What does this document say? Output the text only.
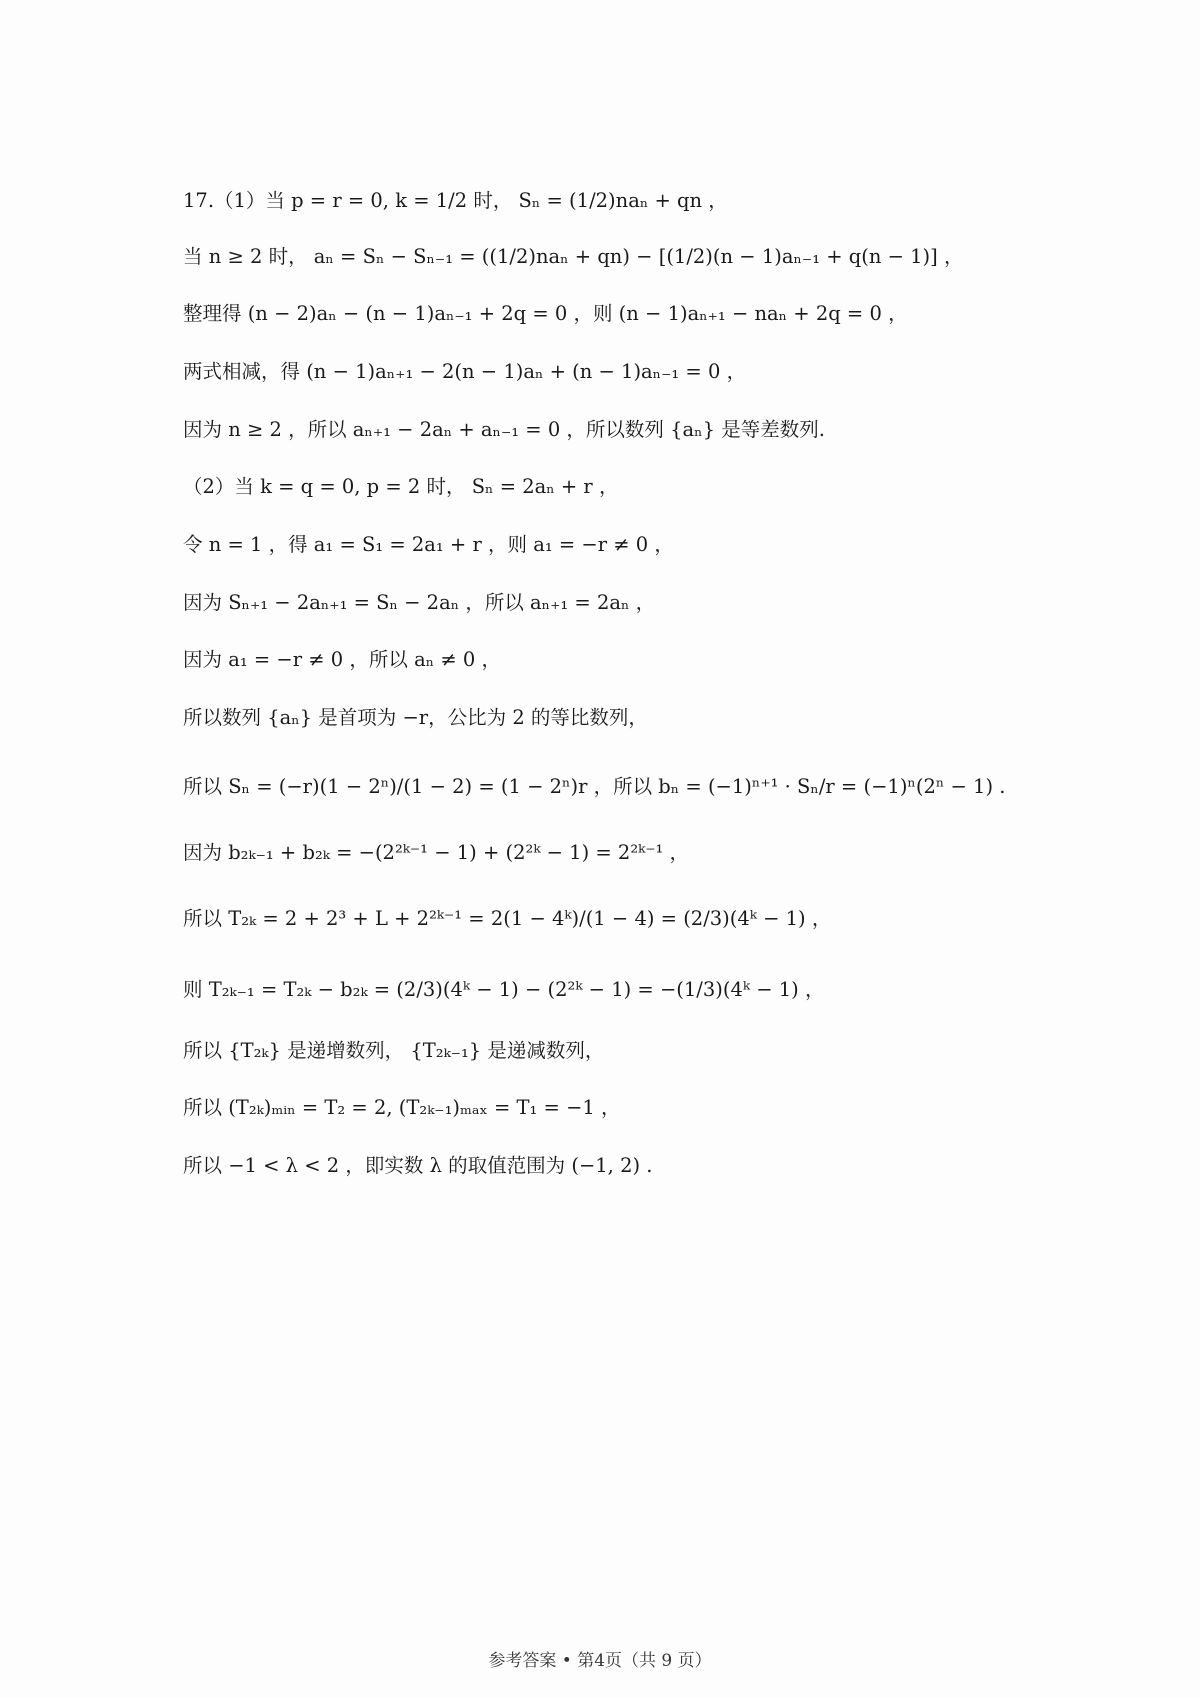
17.（1）当 p = r = 0, k = 1/2 时， Sₙ = (1/2)naₙ + qn ，
当 n ≥ 2 时， aₙ = Sₙ − Sₙ₋₁ = ((1/2)naₙ + qn) − [(1/2)(n − 1)aₙ₋₁ + q(n − 1)] ，
整理得 (n − 2)aₙ − (n − 1)aₙ₋₁ + 2q = 0 ，则 (n − 1)aₙ₊₁ − naₙ + 2q = 0 ，
两式相减，得 (n − 1)aₙ₊₁ − 2(n − 1)aₙ + (n − 1)aₙ₋₁ = 0 ，
因为 n ≥ 2 ，所以 aₙ₊₁ − 2aₙ + aₙ₋₁ = 0 ，所以数列 {aₙ} 是等差数列.
（2）当 k = q = 0, p = 2 时， Sₙ = 2aₙ + r ，
令 n = 1 ，得 a₁ = S₁ = 2a₁ + r ，则 a₁ = −r ≠ 0 ，
因为 Sₙ₊₁ − 2aₙ₊₁ = Sₙ − 2aₙ ，所以 aₙ₊₁ = 2aₙ ，
因为 a₁ = −r ≠ 0 ，所以 aₙ ≠ 0 ，
所以数列 {aₙ} 是首项为 −r，公比为 2 的等比数列，
所以 Sₙ = (−r)(1 − 2ⁿ)/(1 − 2) = (1 − 2ⁿ)r ，所以 bₙ = (−1)ⁿ⁺¹ · Sₙ/r = (−1)ⁿ(2ⁿ − 1) .
因为 b₂ₖ₋₁ + b₂ₖ = −(2²ᵏ⁻¹ − 1) + (2²ᵏ − 1) = 2²ᵏ⁻¹ ，
所以 T₂ₖ = 2 + 2³ + L + 2²ᵏ⁻¹ = 2(1 − 4ᵏ)/(1 − 4) = (2/3)(4ᵏ − 1) ，
则 T₂ₖ₋₁ = T₂ₖ − b₂ₖ = (2/3)(4ᵏ − 1) − (2²ᵏ − 1) = −(1/3)(4ᵏ − 1) ，
所以 {T₂ₖ} 是递增数列， {T₂ₖ₋₁} 是递减数列，
所以 (T₂ₖ)ₘᵢₙ = T₂ = 2, (T₂ₖ₋₁)ₘₐₓ = T₁ = −1 ，
所以 −1 < λ < 2 ，即实数 λ 的取值范围为 (−1, 2) .
参考答案 • 第4页（共 9 页）
